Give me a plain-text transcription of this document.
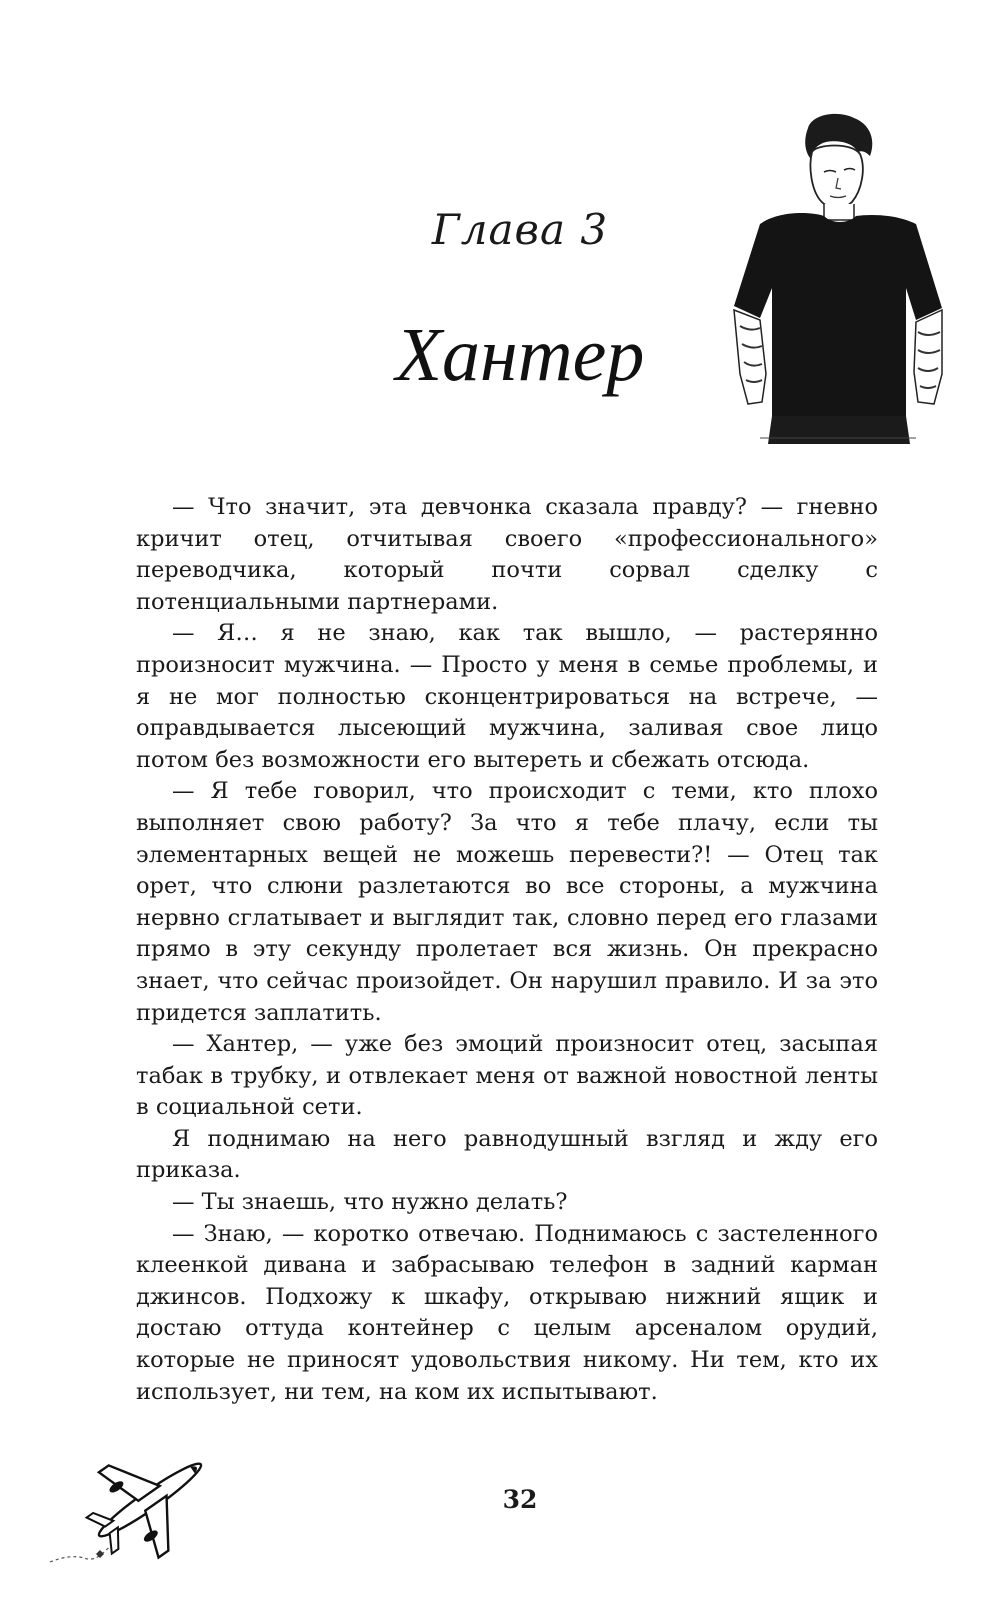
Глава 3
Хантер

— Что значит, эта девчонка сказала правду? — гневно кричит отец, отчитывая своего «профессионального» переводчика, который почти сорвал сделку с потенциальными партнерами.

— Я… я не знаю, как так вышло, — растерянно произносит мужчина. — Просто у меня в семье проблемы, и я не мог полностью сконцентрироваться на встрече, — оправдывается лысеющий мужчина, заливая свое лицо потом без возможности его вытереть и сбежать отсюда.

— Я тебе говорил, что происходит с теми, кто плохо выполняет свою работу? За что я тебе плачу, если ты элементарных вещей не можешь перевести?! — Отец так орет, что слюни разлетаются во все стороны, а мужчина нервно сглатывает и выглядит так, словно перед его глазами прямо в эту секунду пролетает вся жизнь. Он прекрасно знает, что сейчас произойдет. Он нарушил правило. И за это придется заплатить.

— Хантер, — уже без эмоций произносит отец, засыпая табак в трубку, и отвлекает меня от важной новостной ленты в социальной сети.

Я поднимаю на него равнодушный взгляд и жду его приказа.

— Ты знаешь, что нужно делать?

— Знаю, — коротко отвечаю. Поднимаюсь с застеленного клеенкой дивана и забрасываю телефон в задний карман джинсов. Подхожу к шкафу, открываю нижний ящик и достаю оттуда контейнер с целым арсеналом орудий, которые не приносят удовольствия никому. Ни тем, кто их использует, ни тем, на ком их испытывают.

32
